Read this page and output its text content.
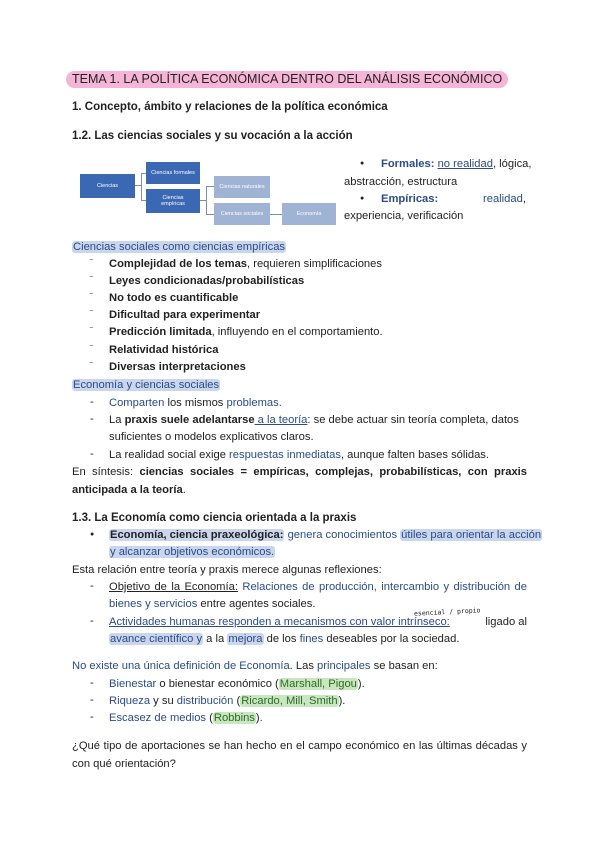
TEMA 1. LA POLÍTICA ECONÓMICA DENTRO DEL ANÁLISIS ECONÓMICO
1. Concepto, ámbito y relaciones de la política económica
1.2. Las ciencias sociales y su vocación a la acción
Ciencias
Ciencias formales
Ciencias
empíricas
Ciencias naturales
Ciencias sociales	Economía
● Formales: no realidad, lógica,
abstracción, estructura
● Empíricas:	realidad,
experiencia, verificación
Ciencias sociales como ciencias empíricas
⁻ Complejidad de los temas, requieren simplificaciones
⁻ Leyes condicionadas/probabilísticas
⁻ No todo es cuantificable
⁻ Dificultad para experimentar
⁻ Predicción limitada, influyendo en el comportamiento.
⁻ Relatividad histórica
⁻ Diversas interpretaciones
Economía y ciencias sociales
- Comparten los mismos problemas.
- La praxis suele adelantarse a la teoría: se debe actuar sin teoría completa, datos
suficientes o modelos explicativos claros.
- La realidad social exige respuestas inmediatas, aunque falten bases sólidas.
En síntesis: ciencias sociales = empíricas, complejas, probabilísticas, con praxis
anticipada a la teoría.
1.3. La Economía como ciencia orientada a la praxis
● Economía, ciencia praxeológica: genera conocimientos útiles para orientar la acción
y alcanzar objetivos económicos.
Esta relación entre teoría y praxis merece algunas reflexiones:
- Objetivo de la Economía: Relaciones de producción, intercambio y distribución de
bienes y servicios entre agentes sociales.
esencial / propio
- Actividades humanas responden a mecanismos con valor intrínseco:	ligado al
avance científico y a la mejora de los fines deseables por la sociedad.
No existe una única definición de Economía. Las principales se basan en:
- Bienestar o bienestar económico (Marshall, Pigou).
- Riqueza y su distribución (Ricardo, Mill, Smith).
- Escasez de medios (Robbins).
¿Qué tipo de aportaciones se han hecho en el campo económico en las últimas décadas y
con qué orientación?
